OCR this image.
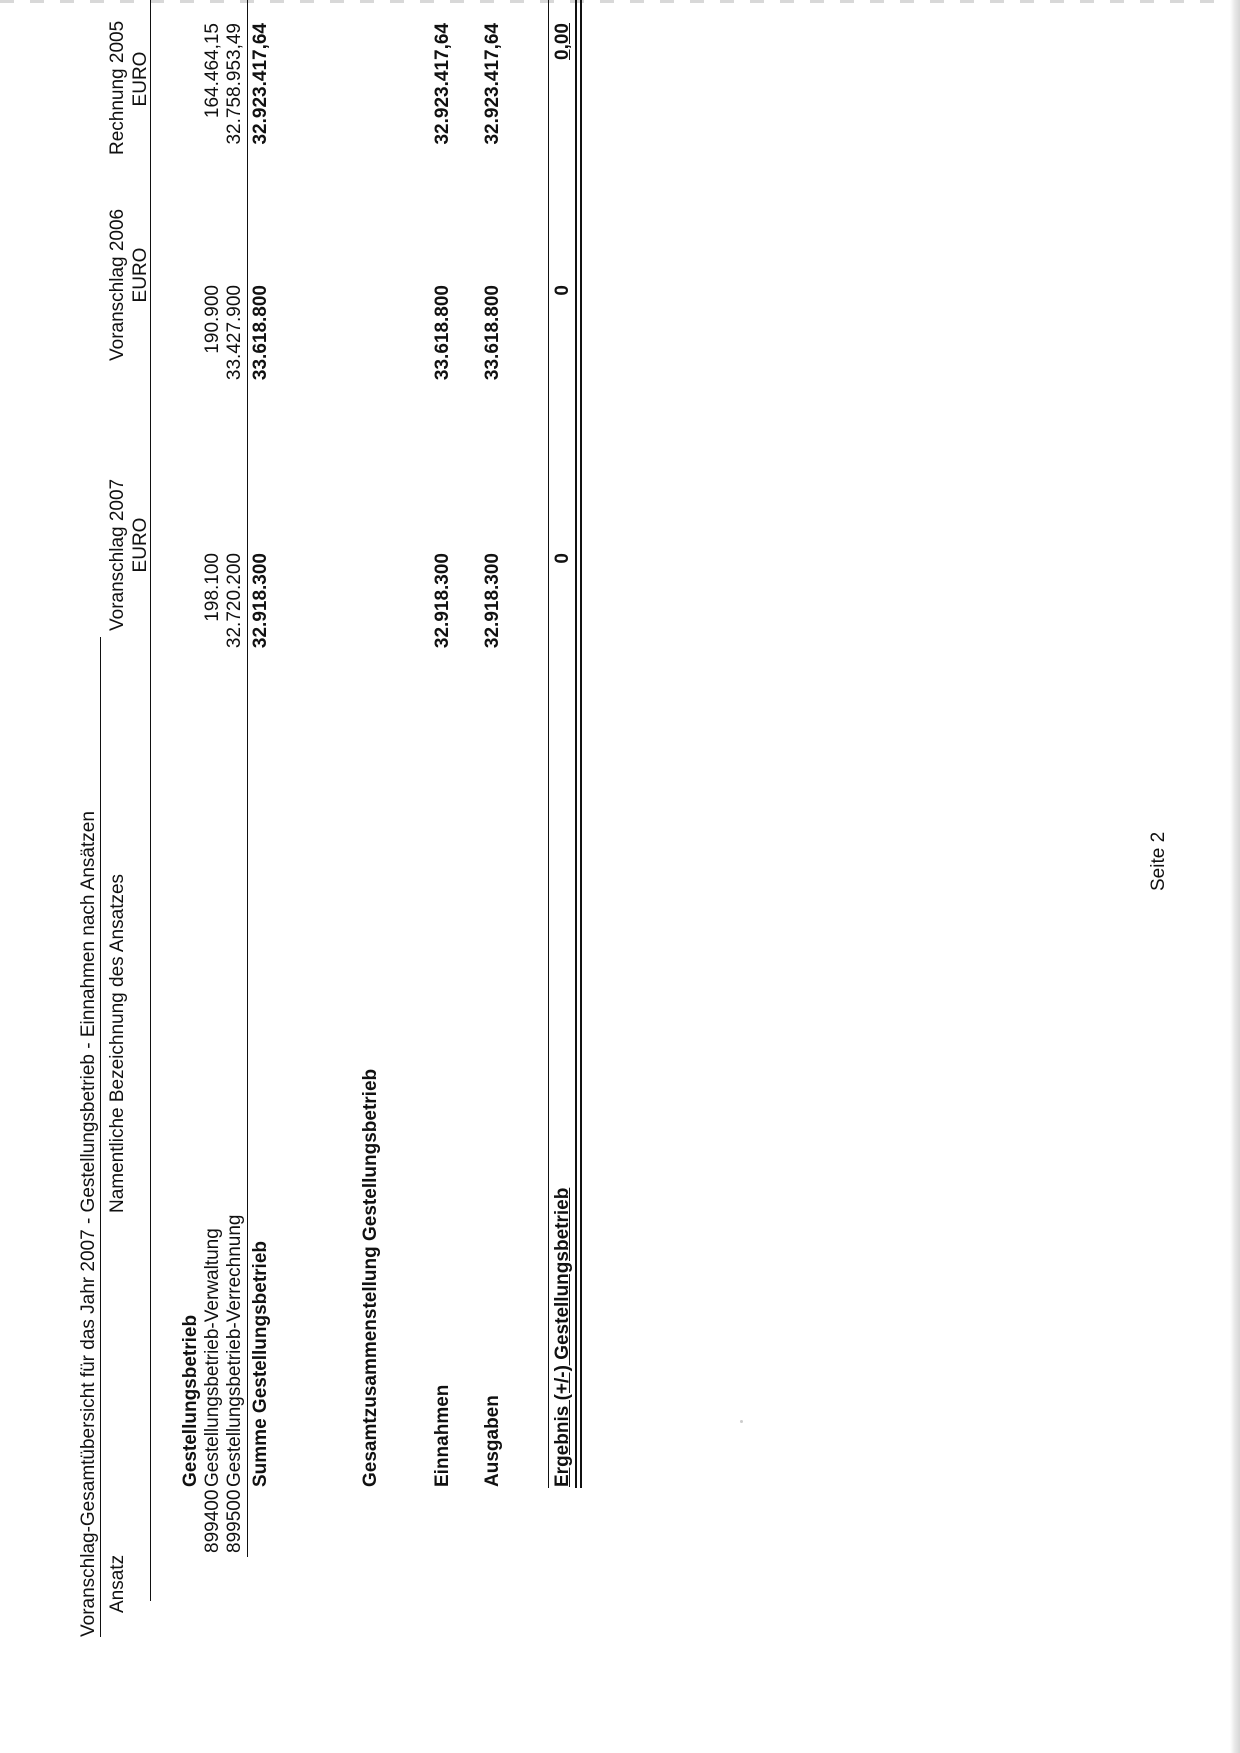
Voranschlag-Gesamtübersicht für das Jahr 2007 - Gestellungsbetrieb - Einnahmen nach Ansätzen Ansatz
Namentliche Bezeichnung des Ansatzes
Voranschlag 2007 EURO
Voranschlag 2006 EURO
Rechnung 2005 EURO
Gestellungsbetrieb
899400
Gestellungsbetrieb-Verwaltung
198.100
190.900
164.464,15
899500
Gestellungsbetrieb-Verrechnung
32.720.200
33.427.900
32.758.953,49
Summe Gestellungsbetrieb
32.918.300
33.618.800
32.923.417,64
Gesamtzusammenstellung Gestellungsbetrieb	Einnahmen
32.918.300
33.618.800
32.923.417,64
Ausgaben
32.918.300
33.618.800
32.923.417,64
Ergebnis (+/-) Gestellungsbetrieb
0
0
0,00
Seite 2
